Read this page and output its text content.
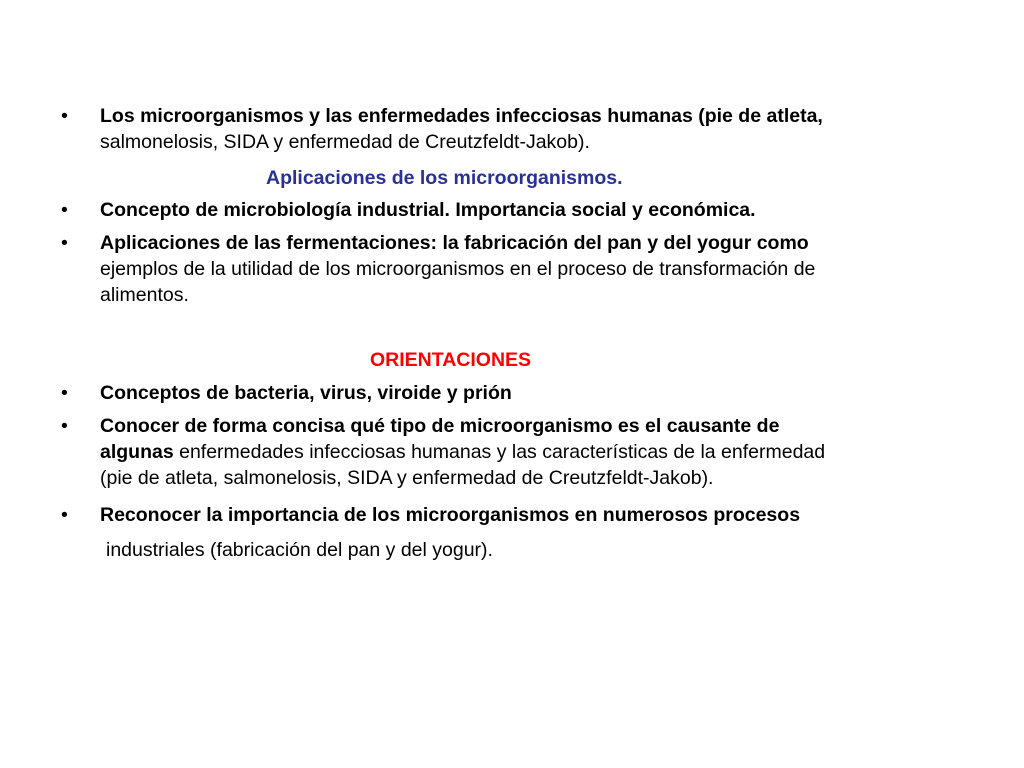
• Los microorganismos y las enfermedades infecciosas humanas (pie de atleta,
salmonelosis, SIDA y enfermedad de Creutzfeldt-Jakob).
Aplicaciones de los microorganismos.
• Concepto de microbiología industrial. Importancia social y económica.
• Aplicaciones de las fermentaciones: la fabricación del pan y del yogur como
ejemplos de la utilidad de los microorganismos en el proceso de transformación de
alimentos.
ORIENTACIONES
• Conceptos de bacteria, virus, viroide y prión
• Conocer de forma concisa qué tipo de microorganismo es el causante de
algunas enfermedades infecciosas humanas y las características de la enfermedad
(pie de atleta, salmonelosis, SIDA y enfermedad de Creutzfeldt-Jakob).
• Reconocer la importancia de los microorganismos en numerosos procesos
industriales (fabricación del pan y del yogur).
